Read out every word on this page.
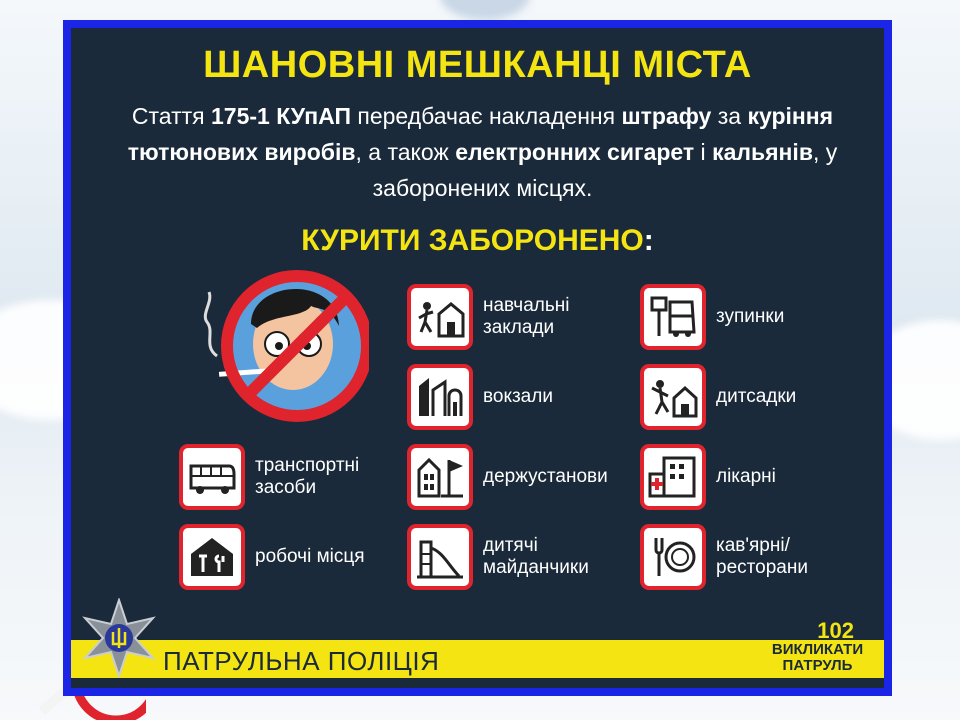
ШАНОВНІ МЕШКАНЦІ МІСТА
Стаття 175-1 КУпАП передбачає накладення штрафу за куріння тютюнових виробів, а також електронних сигарет і кальянів, у заборонених місцях.
КУРИТИ ЗАБОРОНЕНО:
навчальні
заклади
зупинки
вокзали	дитсадки
транспортні
засоби
держустанови	лікарні
робочі місця
дитячі
майданчики
кав'ярні/
ресторани
ПАТРУЛЬНА ПОЛІЦІЯ
102
ВИКЛИКАТИ
ПАТРУЛЬ
